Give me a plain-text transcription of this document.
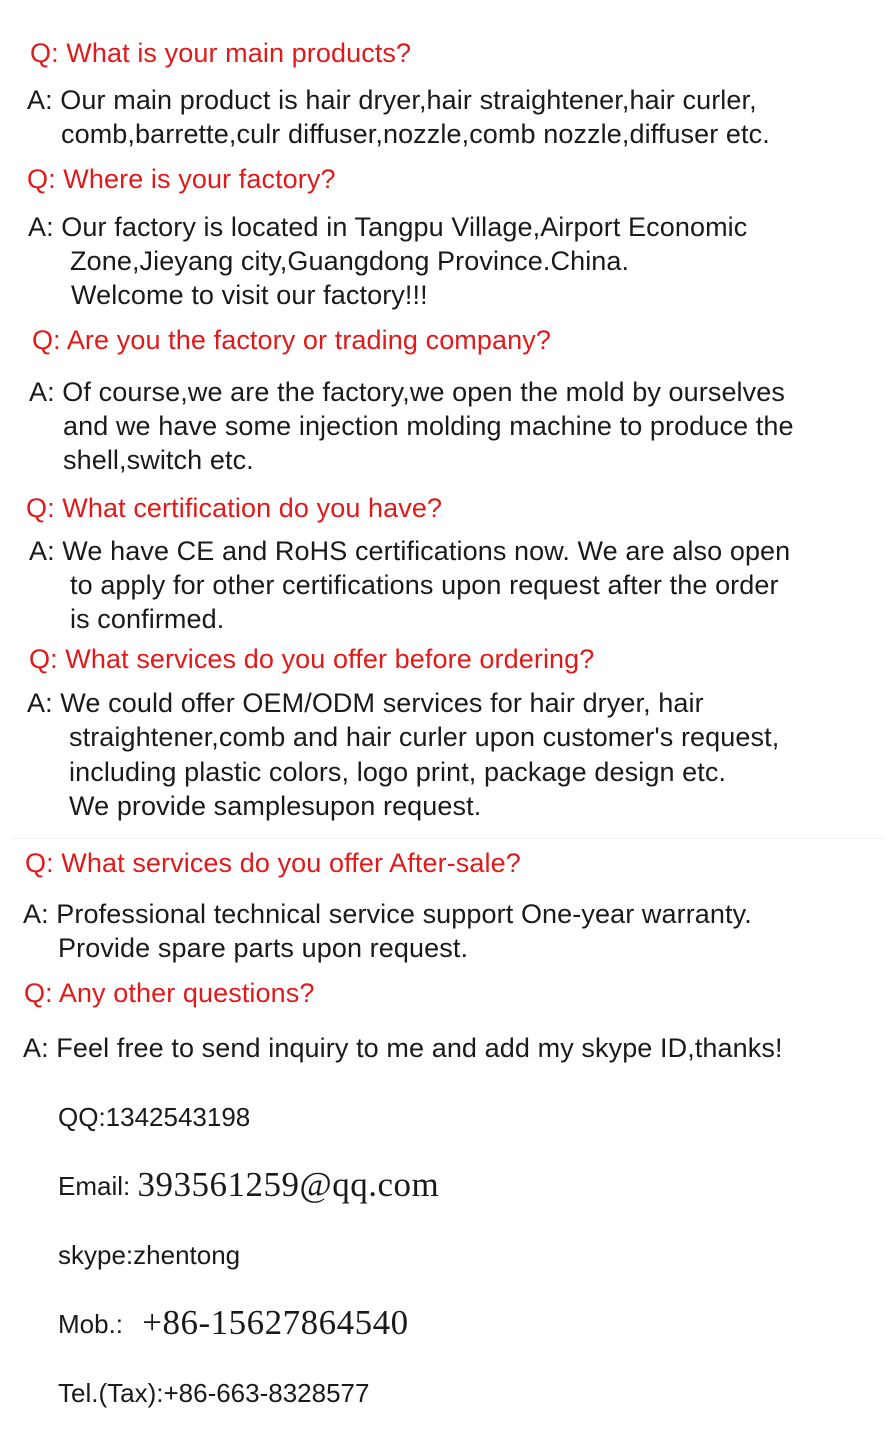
Q: What is your main products?
A: Our main product is hair dryer,hair straightener,hair curler,
comb,barrette,culr diffuser,nozzle,comb nozzle,diffuser etc.
Q: Where is your factory?
A: Our factory is located in Tangpu Village,Airport Economic
Zone,Jieyang city,Guangdong Province.China.
Welcome to visit our factory!!!
Q: Are you the factory or trading company?
A: Of course,we are the factory,we open the mold by ourselves
and we have some injection molding machine to produce the
shell,switch etc.
Q: What certification do you have?
A: We have CE and RoHS certifications now. We are also open
to apply for other certifications upon request after the order
is confirmed.
Q: What services do you offer before ordering?
A: We could offer OEM/ODM services for hair dryer, hair
straightener,comb and hair curler upon customer's request,
including plastic colors, logo print, package design etc.
We provide samplesupon request.
Q: What services do you offer After-sale?
A: Professional technical service support One-year warranty.
Provide spare parts upon request.
Q: Any other questions?
A: Feel free to send inquiry to me and add my skype ID,thanks!
QQ:1342543198
Email: 393561259@qq.com
skype:zhentong
Mob.: +86-15627864540
Tel.(Tax):+86-663-8328577
